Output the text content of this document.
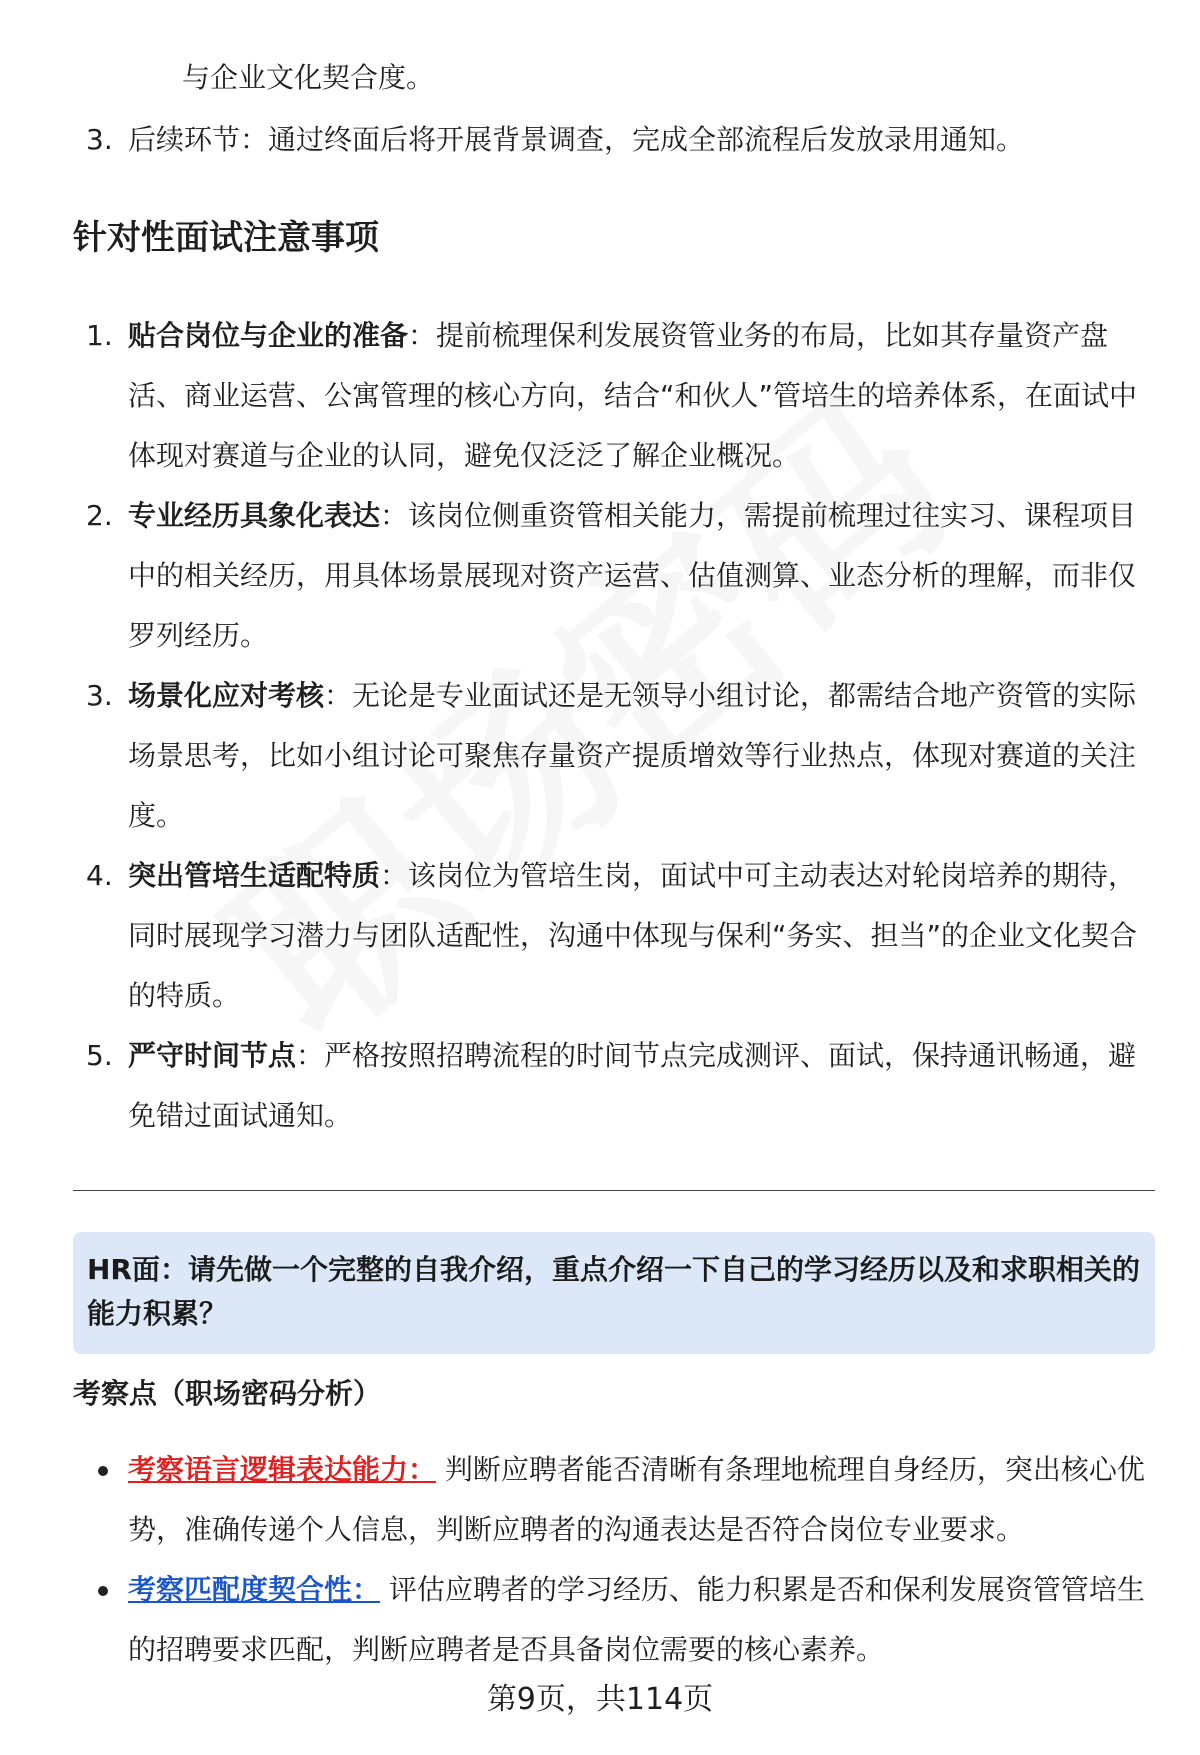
与企业文化契合度。
3. 后续环节：通过终面后将开展背景调查，完成全部流程后发放录用通知。
针对性面试注意事项
1. 贴合岗位与企业的准备：提前梳理保利发展资管业务的布局，比如其存量资产盘活、商业运营、公寓管理的核心方向，结合“和伙人”管培生的培养体系，在面试中体现对赛道与企业的认同，避免仅泛泛了解企业概况。
2. 专业经历具象化表达：该岗位侧重资管相关能力，需提前梳理过往实习、课程项目中的相关经历，用具体场景展现对资产运营、估值测算、业态分析的理解，而非仅罗列经历。
3. 场景化应对考核：无论是专业面试还是无领导小组讨论，都需结合地产资管的实际场景思考，比如小组讨论可聚焦存量资产提质增效等行业热点，体现对赛道的关注度。
4. 突出管培生适配特质：该岗位为管培生岗，面试中可主动表达对轮岗培养的期待，同时展现学习潜力与团队适配性，沟通中体现与保利“务实、担当”的企业文化契合的特质。
5. 严守时间节点：严格按照招聘流程的时间节点完成测评、面试，保持通讯畅通，避免错过面试通知。
HR面：请先做一个完整的自我介绍，重点介绍一下自己的学习经历以及和求职相关的能力积累？
考察点（职场密码分析）
考察语言逻辑表达能力： 判断应聘者能否清晰有条理地梳理自身经历，突出核心优势，准确传递个人信息，判断应聘者的沟通表达是否符合岗位专业要求。
考察匹配度契合性： 评估应聘者的学习经历、能力积累是否和保利发展资管管培生的招聘要求匹配，判断应聘者是否具备岗位需要的核心素养。
第9页，共114页
